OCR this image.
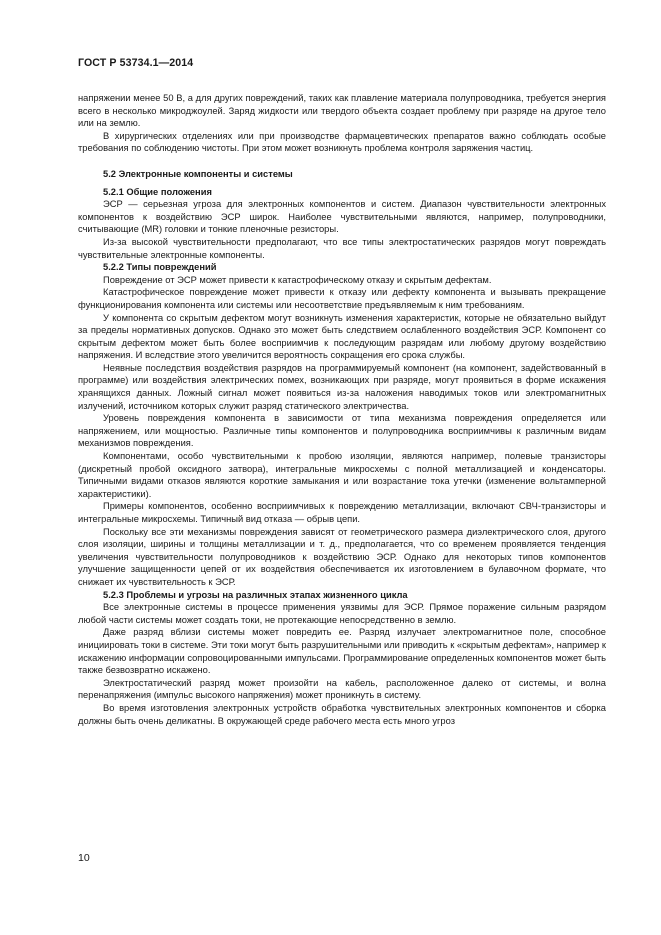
ГОСТ Р 53734.1—2014

напряжении менее 50 В, а для других повреждений, таких как плавление материала полупроводника, требуется энергия всего в несколько микроджоулей. Заряд жидкости или твердого объекта создает проблему при разряде на другое тело или на землю.

В хирургических отделениях или при производстве фармацевтических препаратов важно соблюдать особые требования по соблюдению чистоты. При этом может возникнуть проблема контроля заряжения частиц.

5.2 Электронные компоненты и системы

5.2.1 Общие положения

ЭСР — серьезная угроза для электронных компонентов и систем. Диапазон чувствительности электронных компонентов к воздействию ЭСР широк. Наиболее чувствительными являются, например, полупроводники, считывающие (MR) головки и тонкие пленочные резисторы.

Из-за высокой чувствительности предполагают, что все типы электростатических разрядов могут повреждать чувствительные электронные компоненты.

5.2.2 Типы повреждений

Повреждение от ЭСР может привести к катастрофическому отказу и скрытым дефектам.

Катастрофическое повреждение может привести к отказу или дефекту компонента и вызывать прекращение функционирования компонента или системы или несоответствие предъявляемым к ним требованиям.

У компонента со скрытым дефектом могут возникнуть изменения характеристик, которые не обязательно выйдут за пределы нормативных допусков. Однако это может быть следствием ослабленного воздействия ЭСР. Компонент со скрытым дефектом может быть более восприимчив к последующим разрядам или любому другому воздействию напряжения. И вследствие этого увеличится вероятность сокращения его срока службы.

Неявные последствия воздействия разрядов на программируемый компонент (на компонент, задействованный в программе) или воздействия электрических помех, возникающих при разряде, могут проявиться в форме искажения хранящихся данных. Ложный сигнал может появиться из-за наложения наводимых токов или электромагнитных излучений, источником которых служит разряд статического электричества.

Уровень повреждения компонента в зависимости от типа механизма повреждения определяется или напряжением, или мощностью. Различные типы компонентов и полупроводника восприимчивы к различным видам механизмов повреждения.

Компонентами, особо чувствительными к пробою изоляции, являются например, полевые транзисторы (дискретный пробой оксидного затвора), интегральные микросхемы с полной металлизацией и конденсаторы. Типичными видами отказов являются короткие замыкания и или возрастание тока утечки (изменение вольтамперной характеристики).

Примеры компонентов, особенно восприимчивых к повреждению металлизации, включают СВЧ-транзисторы и интегральные микросхемы. Типичный вид отказа — обрыв цепи.

Поскольку все эти механизмы повреждения зависят от геометрического размера диэлектрического слоя, другого слоя изоляции, ширины и толщины металлизации и т. д., предполагается, что со временем проявляется тенденция увеличения чувствительности полупроводников к воздействию ЭСР. Однако для некоторых типов компонентов улучшение защищенности цепей от их воздействия обеспечивается их изготовлением в булавочном формате, что снижает их чувствительность к ЭСР.

5.2.3 Проблемы и угрозы на различных этапах жизненного цикла

Все электронные системы в процессе применения уязвимы для ЭСР. Прямое поражение сильным разрядом любой части системы может создать токи, не протекающие непосредственно в землю.

Даже разряд вблизи системы может повредить ее. Разряд излучает электромагнитное поле, способное инициировать токи в системе. Эти токи могут быть разрушительными или приводить к «скрытым дефектам», например к искажению информации сопровоцированными импульсами. Программирование определенных компонентов может быть также безвозвратно искажено.

Электростатический разряд может произойти на кабель, расположенное далеко от системы, и волна перенапряжения (импульс высокого напряжения) может проникнуть в систему.

Во время изготовления электронных устройств обработка чувствительных электронных компонентов и сборка должны быть очень деликатны. В окружающей среде рабочего места есть много угроз

10
